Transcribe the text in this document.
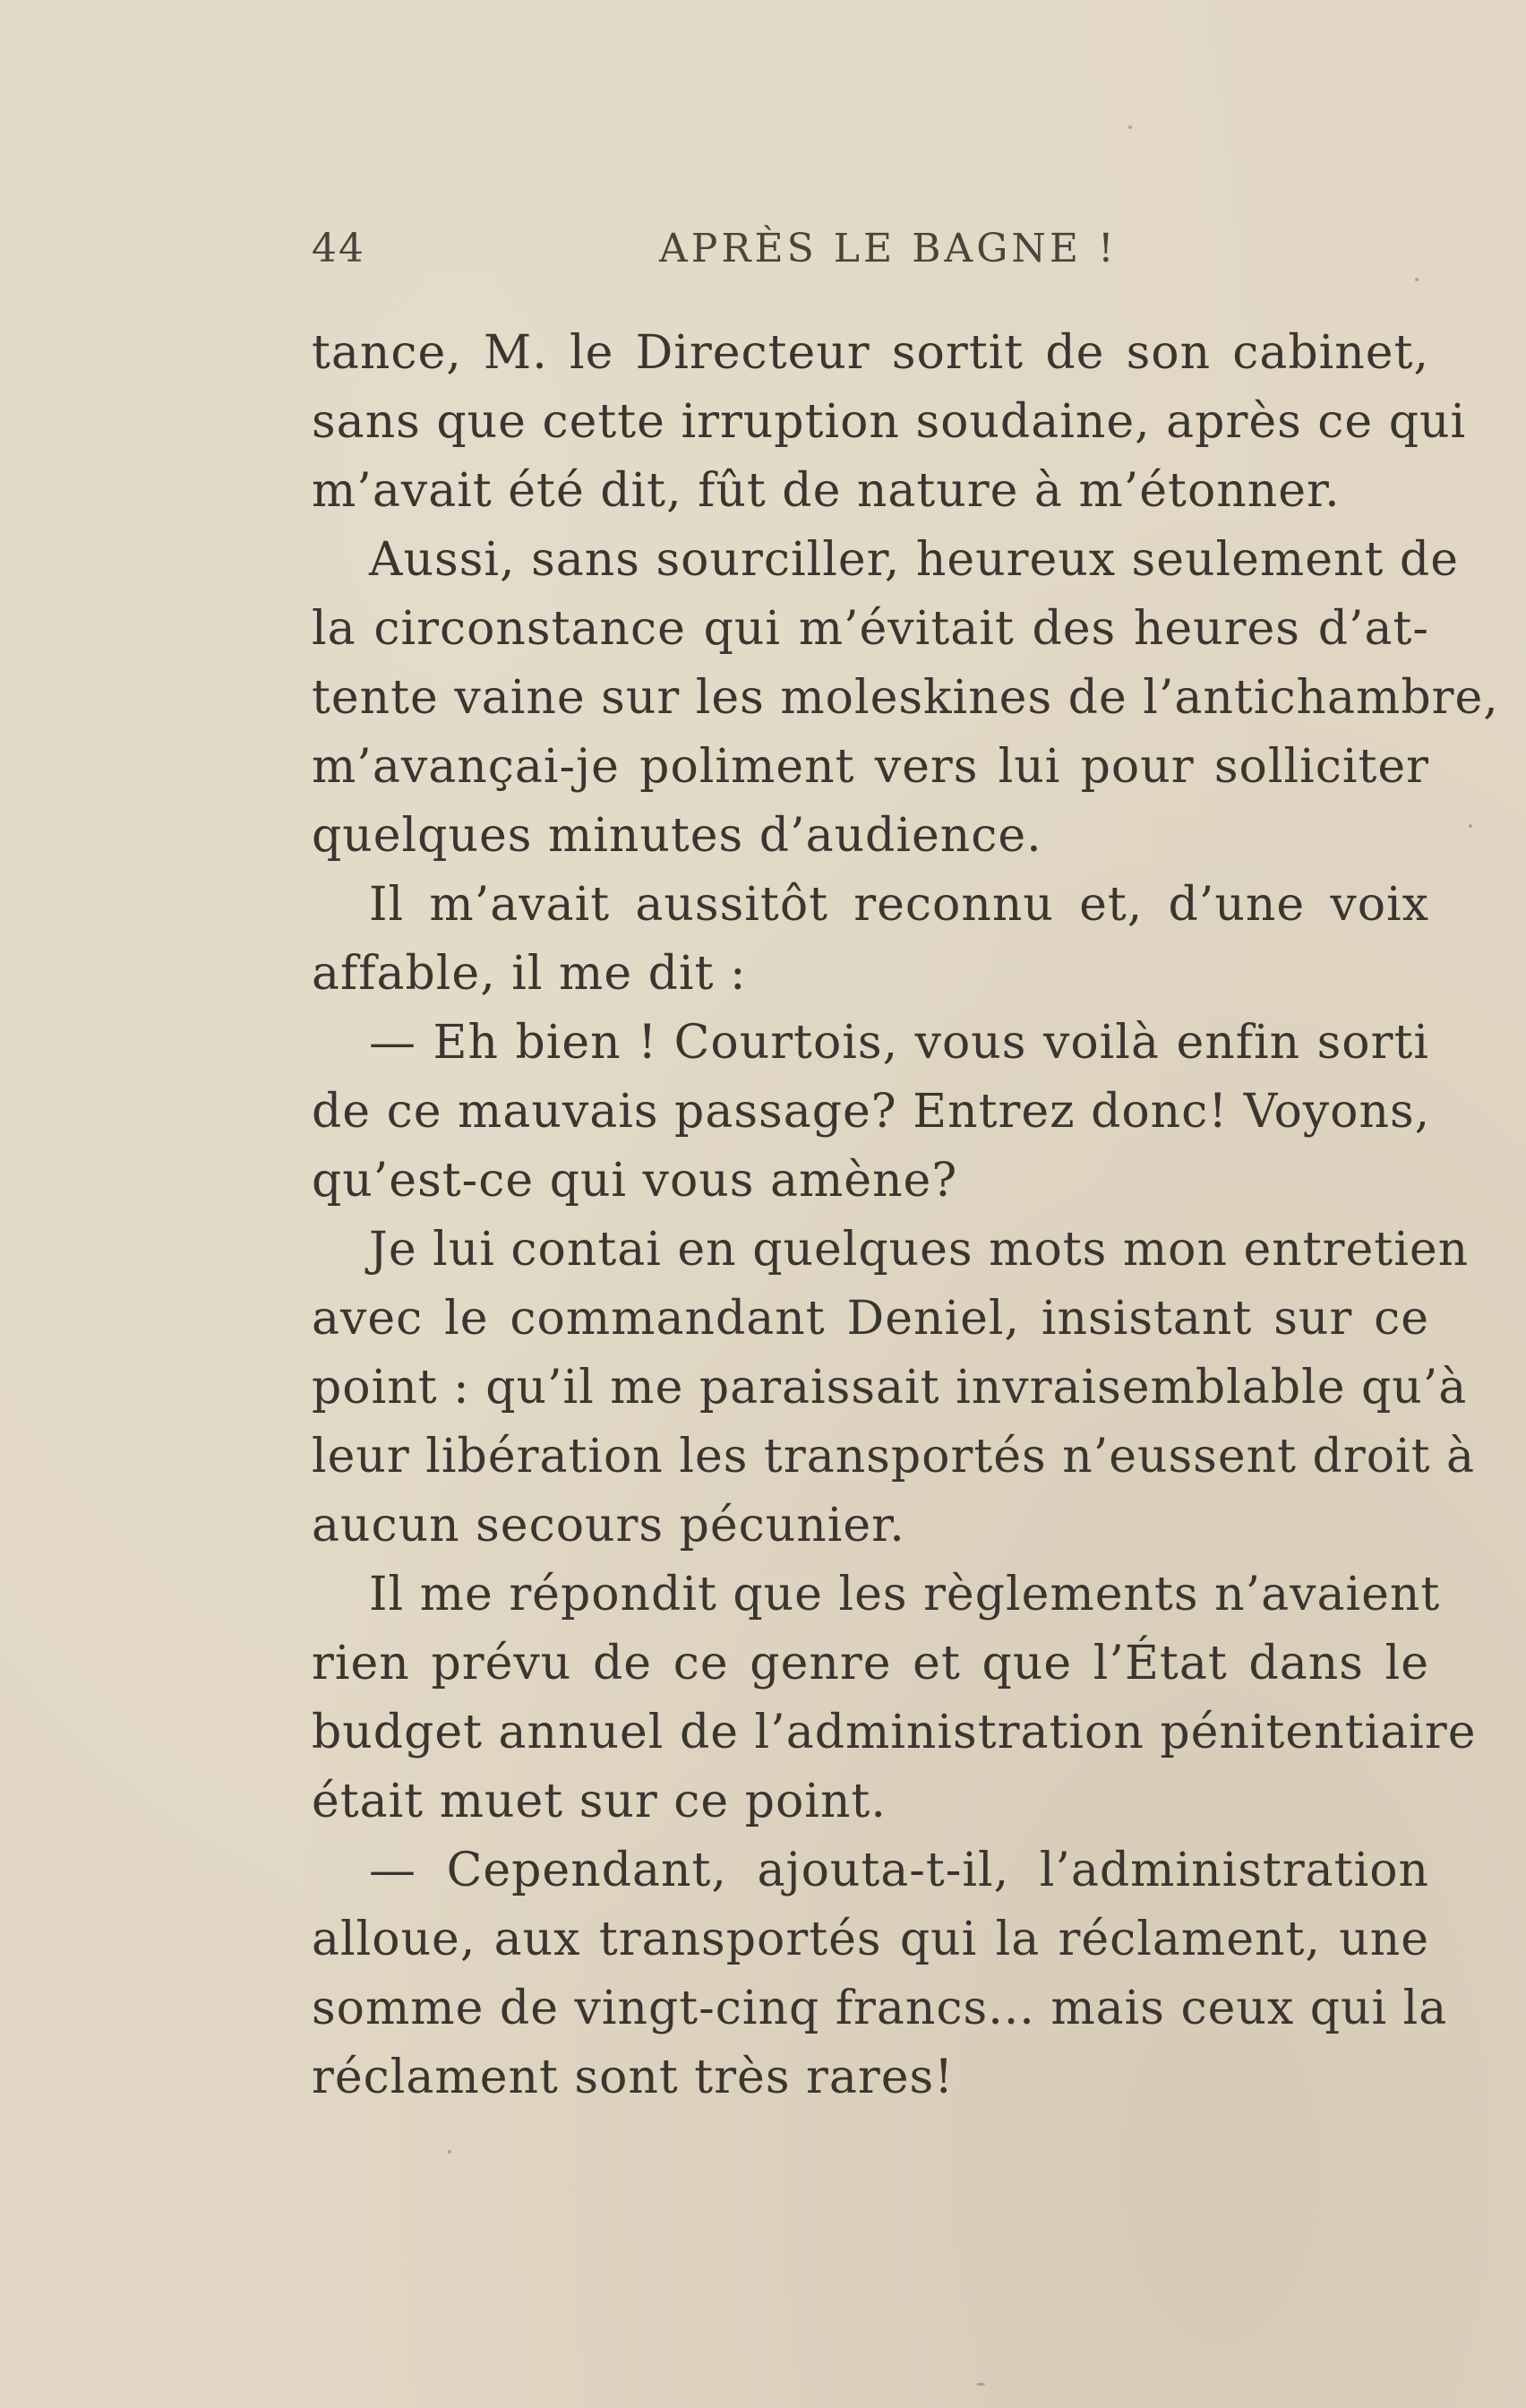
44	APRÈS LE BAGNE !
tance, M. le Directeur sortit de son cabinet,
sans que cette irruption soudaine, après ce qui
m’avait été dit, fût de nature à m’étonner.
Aussi, sans sourciller, heureux seulement de
la circonstance qui m’évitait des heures d’at-
tente vaine sur les moleskines de l’antichambre,
m’avançai-je poliment vers lui pour solliciter
quelques minutes d’audience.
Il m’avait aussitôt reconnu et, d’une voix
affable, il me dit :
— Eh bien ! Courtois, vous voilà enfin sorti
de ce mauvais passage? Entrez donc! Voyons,
qu’est-ce qui vous amène?
Je lui contai en quelques mots mon entretien
avec le commandant Deniel, insistant sur ce
point : qu’il me paraissait invraisemblable qu’à
leur libération les transportés n’eussent droit à
aucun secours pécunier.
Il me répondit que les règlements n’avaient
rien prévu de ce genre et que l’État dans le
budget annuel de l’administration pénitentiaire
était muet sur ce point.
— Cependant, ajouta-t-il, l’administration
alloue, aux transportés qui la réclament, une
somme de vingt-cinq francs... mais ceux qui la
réclament sont très rares!
